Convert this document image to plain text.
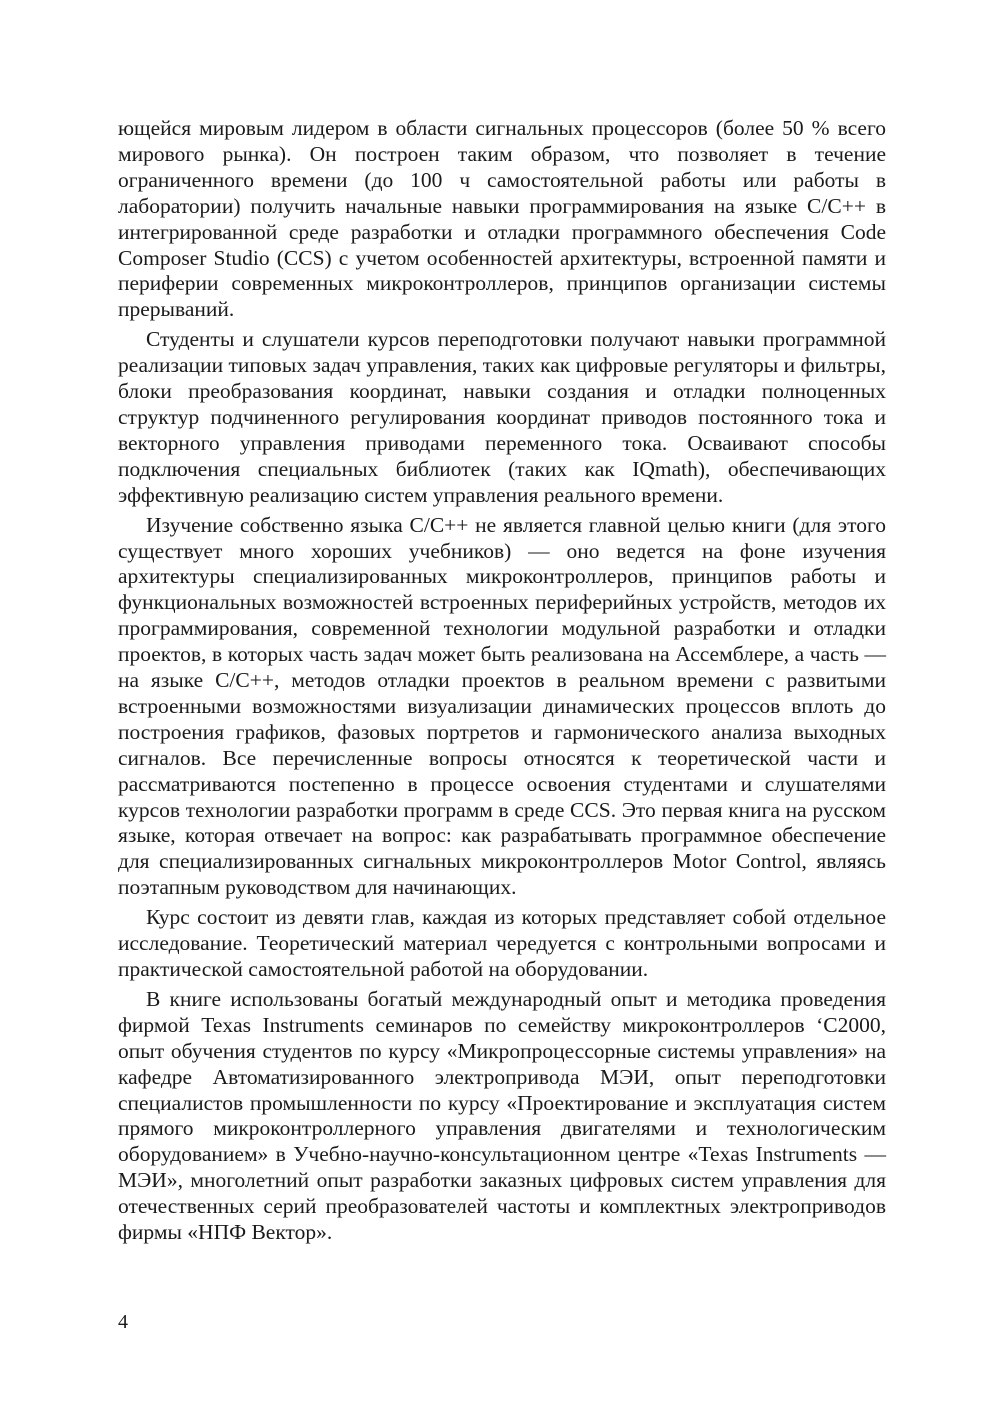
ющейся мировым лидером в области сигнальных процессоров (более 50 % всего мирового рынка). Он построен таким образом, что позволяет в течение ограниченного времени (до 100 ч самостоятельной работы или работы в лаборатории) получить начальные навыки программирования на языке C/C++ в интегрированной среде разработки и отладки программного обеспечения Code Composer Studio (CCS) с учетом особенностей архитектуры, встроенной памяти и периферии современных микроконтроллеров, принципов организации системы прерываний.

Студенты и слушатели курсов переподготовки получают навыки программной реализации типовых задач управления, таких как цифровые регуляторы и фильтры, блоки преобразования координат, навыки создания и отладки полноценных структур подчиненного регулирования координат приводов постоянного тока и векторного управления приводами переменного тока. Осваивают способы подключения специальных библиотек (таких как IQmath), обеспечивающих эффективную реализацию систем управления реального времени.

Изучение собственно языка C/C++ не является главной целью книги (для этого существует много хороших учебников) — оно ведется на фоне изучения архитектуры специализированных микроконтроллеров, принципов работы и функциональных возможностей встроенных периферийных устройств, методов их программирования, современной технологии модульной разработки и отладки проектов, в которых часть задач может быть реализована на Ассемблере, а часть — на языке C/C++, методов отладки проектов в реальном времени с развитыми встроенными возможностями визуализации динамических процессов вплоть до построения графиков, фазовых портретов и гармонического анализа выходных сигналов. Все перечисленные вопросы относятся к теоретической части и рассматриваются постепенно в процессе освоения студентами и слушателями курсов технологии разработки программ в среде CCS. Это первая книга на русском языке, которая отвечает на вопрос: как разрабатывать программное обеспечение для специализированных сигнальных микроконтроллеров Motor Control, являясь поэтапным руководством для начинающих.

Курс состоит из девяти глав, каждая из которых представляет собой отдельное исследование. Теоретический материал чередуется с контрольными вопросами и практической самостоятельной работой на оборудовании.

В книге использованы богатый международный опыт и методика проведения фирмой Texas Instruments семинаров по семейству микроконтроллеров ‘C2000, опыт обучения студентов по курсу «Микропроцессорные системы управления» на кафедре Автоматизированного электропривода МЭИ, опыт переподготовки специалистов промышленности по курсу «Проектирование и эксплуатация систем прямого микроконтроллерного управления двигателями и технологическим оборудованием» в Учебно-научно-консультационном центре «Texas Instruments — МЭИ», многолетний опыт разработки заказных цифровых систем управления для отечественных серий преобразователей частоты и комплектных электроприводов фирмы «НПФ Вектор».

4
